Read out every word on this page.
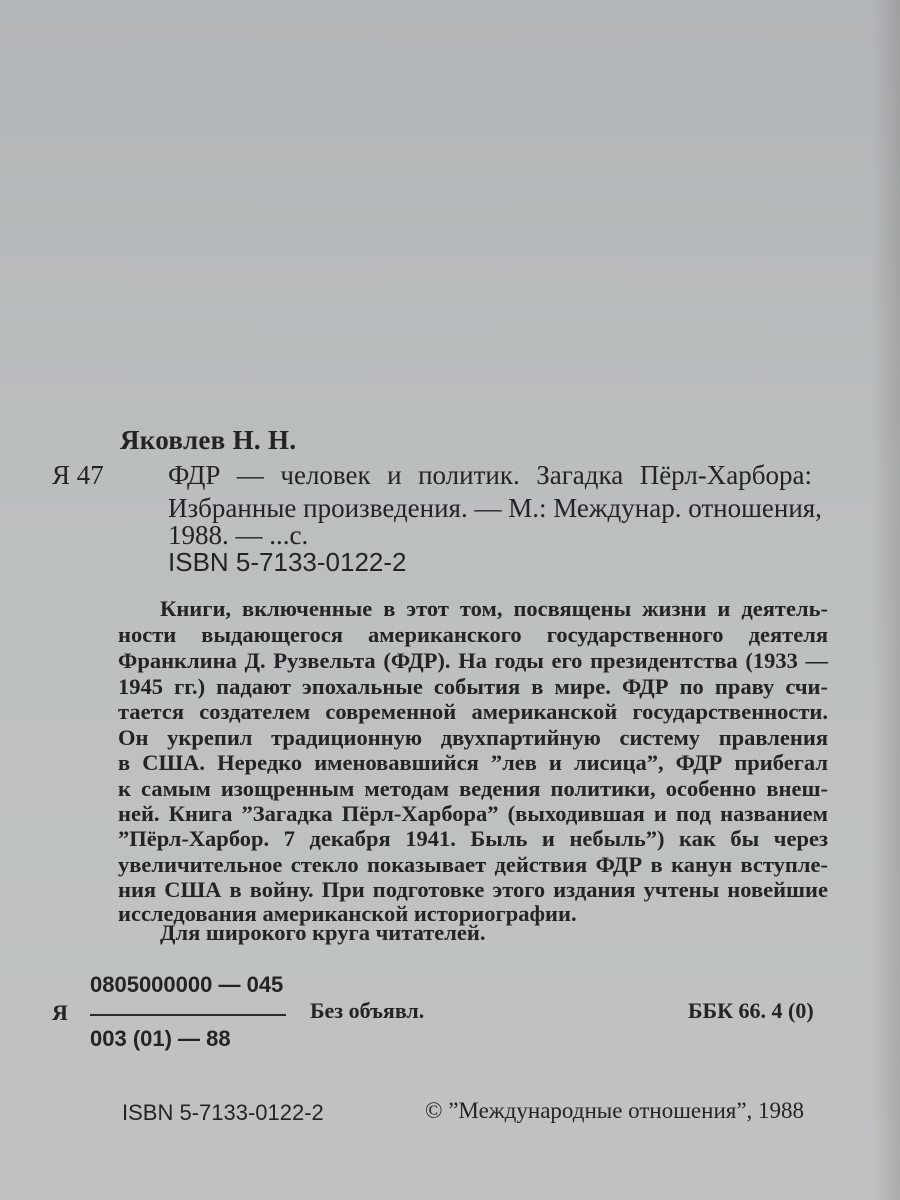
Яковлев Н. Н.

Я 47 ФДР — человек и политик. Загадка Пёрл-Харбора:

Избранные произведения. — М.: Междунар. отношения,

1988. — ...с.

ISBN 5-7133-0122-2

Книги, включенные в этот том, посвящены жизни и деятель-

ности выдающегося американского государственного деятеля

Франклина Д. Рузвельта (ФДР). На годы его президентства (1933 —

1945 гг.) падают эпохальные события в мире. ФДР по праву счи-

тается создателем современной американской государственности.

Он укрепил традиционную двухпартийную систему правления

в США. Нередко именовавшийся ”лев и лисица”, ФДР прибегал

к самым изощренным методам ведения политики, особенно внеш-

ней. Книга ”Загадка Пёрл-Харбора” (выходившая и под названием

”Пёрл-Харбор. 7 декабря 1941. Быль и небыль”) как бы через

увеличительное стекло показывает действия ФДР в канун вступле-

ния США в войну. При подготовке этого издания учтены новейшие

исследования американской историографии.

Для широкого круга читателей.

0805000000 — 045

Я

003 (01) — 88

Без объявл.	ББК 66. 4 (0)

ISBN 5-7133-0122-2	© ”Международные отношения”, 1988
